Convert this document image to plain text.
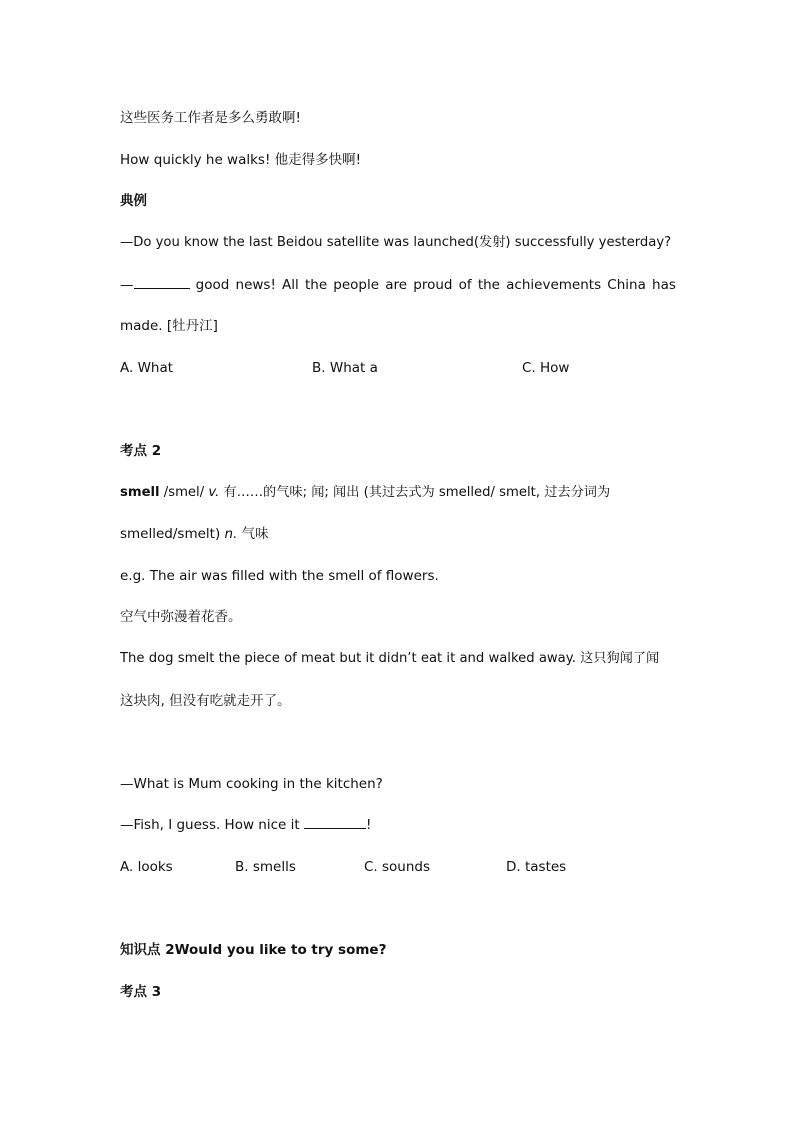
这些医务工作者是多么勇敢啊!
How quickly he walks! 他走得多快啊!
典例
—Do you know the last Beidou satellite was launched(发射) successfully yesterday?
—	good news! All the people are proud of the achievements China has
made. [牡丹江]
A. What	B. What a	C. How
考点 2
smell /smel/ v. 有……的气味; 闻; 闻出 (其过去式为 smelled/ smelt, 过去分词为
smelled/smelt) n. 气味
e.g. The air was filled with the smell of flowers.
空气中弥漫着花香。
The dog smelt the piece of meat but it didn’t eat it and walked away. 这只狗闻了闻
这块肉, 但没有吃就走开了。
—What is Mum cooking in the kitchen?
—Fish, I guess. How nice it	!
A. looks	B. smells	C. sounds	D. tastes
知识点 2Would you like to try some?
考点 3
